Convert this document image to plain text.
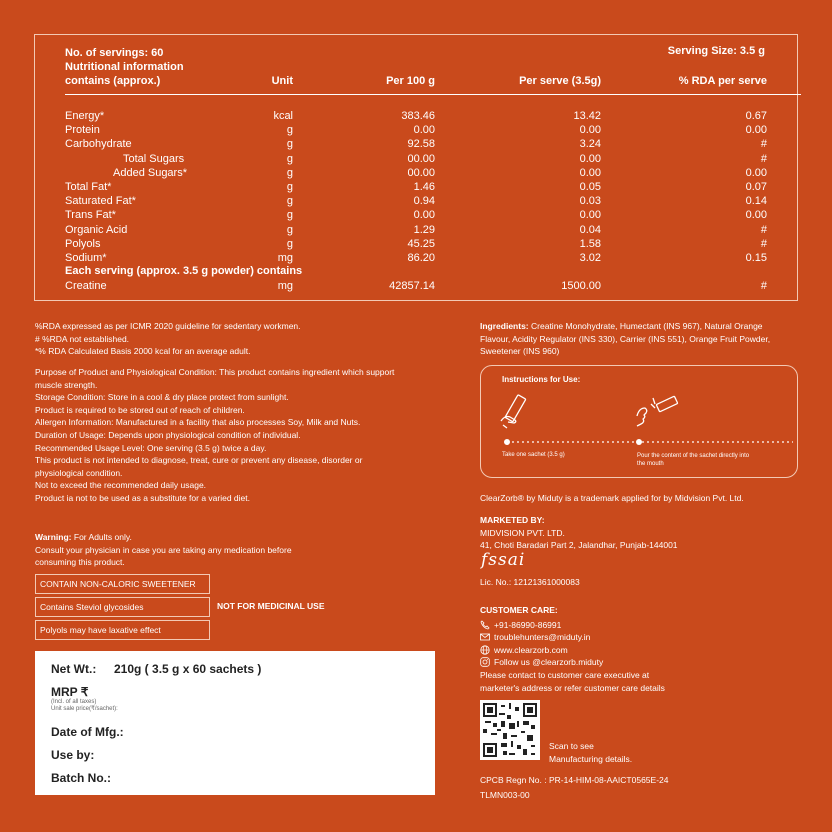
No. of servings: 60	Serving Size: 3.5 g
Nutritional information
contains (approx.)	Unit	Per 100 g	Per serve (3.5g)	% RDA per serve
Energy*	kcal	383.46	13.42	0.67
Protein	g	0.00	0.00	0.00
Carbohydrate	g	92.58	3.24	#
Total Sugars	g	00.00	0.00	#
Added Sugars*	g	00.00	0.00	0.00
Total Fat*	g	1.46	0.05	0.07
Saturated Fat*	g	0.94	0.03	0.14
Trans Fat*	g	0.00	0.00	0.00
Organic Acid	g	1.29	0.04	#
Polyols	g	45.25	1.58	#
Sodium*	mg	86.20	3.02	0.15
Each serving (approx. 3.5 g powder) contains
Creatine	mg	42857.14	1500.00	#
%RDA expressed as per ICMR 2020 guideline for sedentary workmen.
# %RDA not established.
*% RDA Calculated Basis 2000 kcal for an average adult.
Purpose of Product and Physiological Condition: This product contains ingredient which support
muscle strength.
Storage Condition: Store in a cool & dry place protect from sunlight.
Product is required to be stored out of reach of children.
Allergen Information: Manufactured in a facility that also processes Soy, Milk and Nuts.
Duration of Usage: Depends upon physiological condition of individual.
Recommended Usage Level: One serving (3.5 g) twice a day.
This product is not intended to diagnose, treat, cure or prevent any disease, disorder or
physiological condition.
Not to exceed the recommended daily usage.
Product ia not to be used as a substitute for a varied diet.
Warning: For Adults only.
Consult your physician in case you are taking any medication before
consuming this product.
CONTAIN NON-CALORIC SWEETENER
Contains Steviol glycosides
Polyols may have laxative effect
NOT FOR MEDICINAL USE
Net Wt.: 210g ( 3.5 g x 60 sachets )
MRP ₹
(Incl. of all taxes)
Unit sale price(₹/sachet):
Date of Mfg.:
Use by:
Batch No.:
Ingredients: Creatine Monohydrate, Humectant (INS 967), Natural Orange
Flavour, Acidity Regulator (INS 330), Carrier (INS 551), Orange Fruit Powder,
Sweetener (INS 960)
Instructions for Use:
Take one sachet (3.5 g)	Pour the content of the sachet directly into
the mouth
ClearZorb® by Miduty is a trademark applied for by Midvision Pvt. Ltd.
MARKETED BY:
MIDVISION PVT. LTD.
41, Choti Baradari Part 2, Jalandhar, Punjab-144001
fssai
Lic. No.: 12121361000083
CUSTOMER CARE:
+91-86990-86991
troublehunters@miduty.in
www.clearzorb.com
Follow us @clearzorb.miduty
Please contact to customer care executive at
marketer's address or refer customer care details
Scan to see
Manufacturing details.
CPCB Regn No. : PR-14-HIM-08-AAICT0565E-24
TLMN003-00
